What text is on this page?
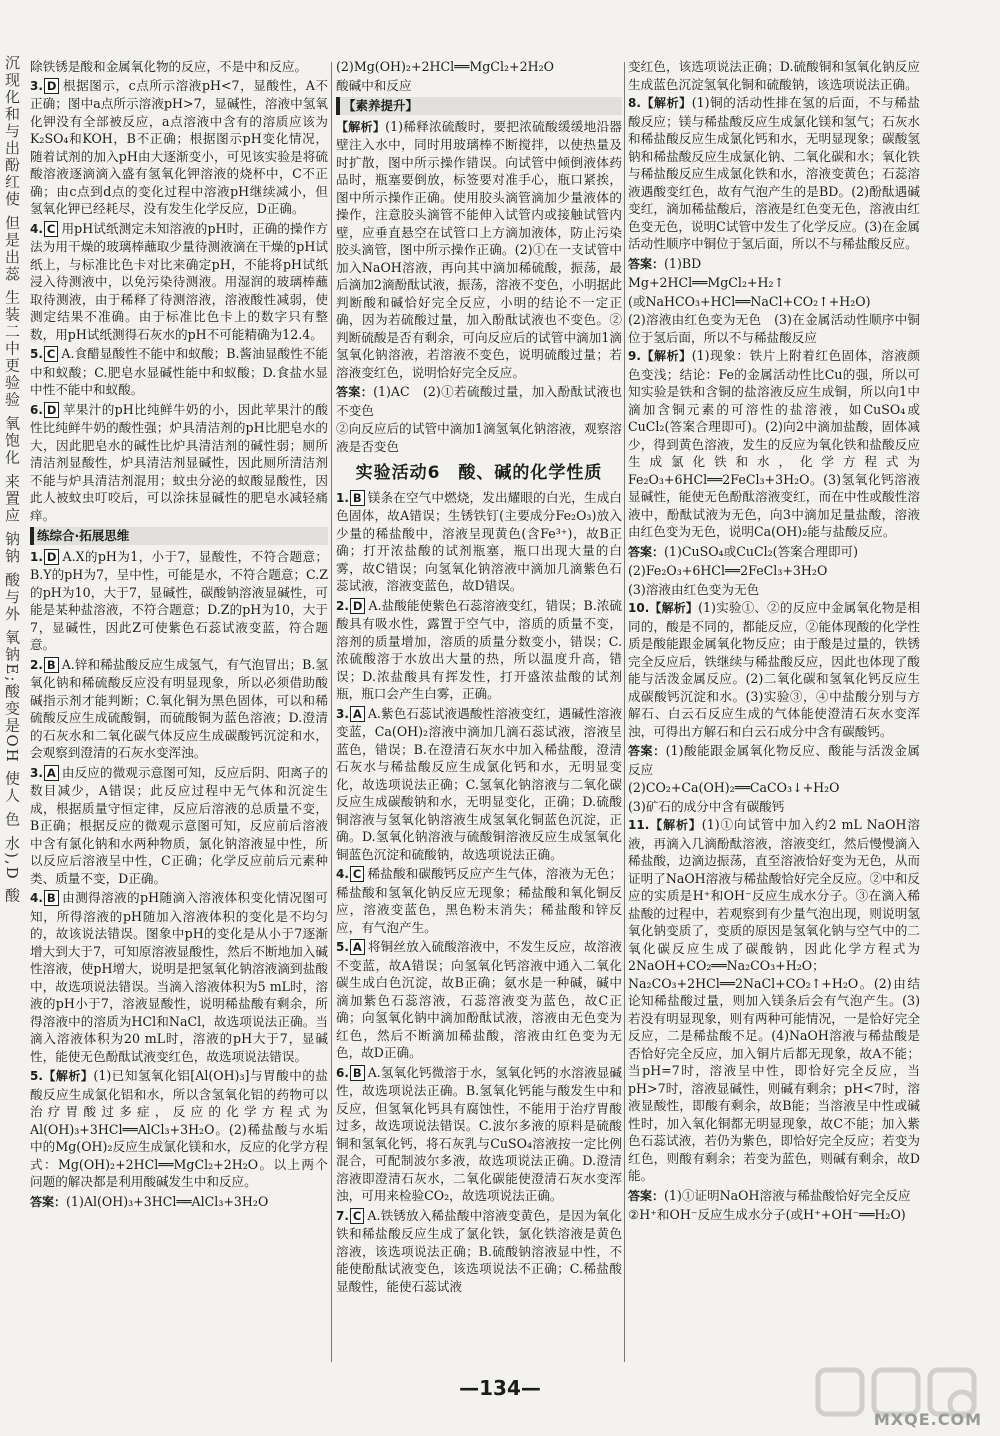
沉现化和与出酚红使 但是出蕊 生装二中更验验 氧饱化 来置应 钠钠 酸与外 氧钠E;酸变是OH 使人 色 水),D 酸 除铁锈是酸和金属氧化物的反应，不是中和反应。
3. D 根据图示，c点所示溶液pH<7，显酸性，A不正确；图中a点所示溶液pH>7，显碱性，溶液中氢氧化钾没有全部被反应，a点溶液中含有的溶质应该为K₂SO₄和KOH，B不正确；根据图示pH变化情况，随着试剂的加入pH由大逐渐变小，可见该实验是将硫酸溶液逐滴滴入盛有氢氧化钾溶液的烧杯中，C不正确；由c点到d点的变化过程中溶液pH继续减小，但氢氧化钾已经耗尽，没有发生化学反应，D正确。
4. C 用pH试纸测定未知溶液的pH时，正确的操作方法为用干燥的玻璃棒蘸取少量待测液滴在干燥的pH试纸上，与标准比色卡对比来确定pH，不能将pH试纸浸入待测液中，以免污染待测液。用湿润的玻璃棒蘸取待测液，由于稀释了待测溶液，溶液酸性减弱，使测定结果不准确。由于标准比色卡上的数字只有整数，用pH试纸测得石灰水的pH不可能精确为12.4。
5. C A.食醋显酸性不能中和蚁酸；B.酱油显酸性不能中和蚁酸；C.肥皂水显碱性能中和蚁酸；D.食盐水显中性不能中和蚁酸。
6. D 苹果汁的pH比纯鲜牛奶的小，因此苹果汁的酸性比纯鲜牛奶的酸性强；炉具清洁剂的pH比肥皂水的大，因此肥皂水的碱性比炉具清洁剂的碱性弱；厕所清洁剂显酸性，炉具清洁剂显碱性，因此厕所清洁剂不能与炉具清洁剂混用；蚊虫分泌的蚁酸显酸性，因此人被蚊虫叮咬后，可以涂抹显碱性的肥皂水减轻痛痒。
练综合·拓展思维
1. D A.X的pH为1，小于7，显酸性，不符合题意；B.Y的pH为7，呈中性，可能是水，不符合题意；C.Z的pH为10，大于7，显碱性，碳酸钠溶液显碱性，可能是某种盐溶液，不符合题意；D.Z的pH为10，大于7，显碱性，因此Z可使紫色石蕊试液变蓝，符合题意。
2. B A.锌和稀盐酸反应生成氢气，有气泡冒出；B.氢氧化钠和稀硫酸反应没有明显现象，所以必须借助酸碱指示剂才能判断；C.氧化铜为黑色固体，可以和稀硫酸反应生成硫酸铜，而硫酸铜为蓝色溶液；D.澄清的石灰水和二氧化碳气体反应生成碳酸钙沉淀和水，会观察到澄清的石灰水变浑浊。
3. A 由反应的微观示意图可知，反应后阴、阳离子的数目减少，A错误；此反应过程中无气体和沉淀生成，根据质量守恒定律，反应后溶液的总质量不变，B正确；根据反应的微观示意图可知，反应前后溶液中含有氯化钠和水两种物质，氯化钠溶液显中性，所以反应后溶液呈中性，C正确；化学反应前后元素种类、质量不变，D正确。
4. B 由测得溶液的pH随滴入溶液体积变化情况图可知，所得溶液的pH随加入溶液体积的变化是不均匀的，故该说法错误。图象中pH的变化是从小于7逐渐增大到大于7，可知原溶液显酸性，然后不断地加入碱性溶液，使pH增大，说明是把氢氧化钠溶液滴到盐酸中，故选项说法错误。当滴入溶液体积为5 mL时，溶液的pH小于7，溶液显酸性，说明稀盐酸有剩余，所得溶液中的溶质为HCl和NaCl，故选项说法正确。当滴入溶液体积为20 mL时，溶液的pH大于7，显碱性，能使无色酚酞试液变红色，故选项说法错误。
5.【解析】(1)已知氢氧化铝[Al(OH)₃]与胃酸中的盐酸反应生成氯化铝和水，所以含氢氧化铝的药物可以治疗胃酸过多症，反应的化学方程式为Al(OH)₃+3HCl══AlCl₃+3H₂O。(2)稀盐酸与水垢中的Mg(OH)₂反应生成氯化镁和水，反应的化学方程式：Mg(OH)₂+2HCl══MgCl₂+2H₂O。以上两个问题的解决都是利用酸碱发生中和反应。
答案：(1)Al(OH)₃+3HCl══AlCl₃+3H₂O
(2)Mg(OH)₂+2HCl══MgCl₂+2H₂O
酸碱中和反应
【素养提升】
【解析】(1)稀释浓硫酸时，要把浓硫酸缓缓地沿器壁注入水中，同时用玻璃棒不断搅拌，以使热量及时扩散，图中所示操作错误。向试管中倾倒液体药品时，瓶塞要倒放，标签要对准手心，瓶口紧挨，图中所示操作正确。使用胶头滴管滴加少量液体的操作，注意胶头滴管不能伸入试管内或接触试管内壁，应垂直悬空在试管口上方滴加液体，防止污染胶头滴管，图中所示操作正确。(2)①在一支试管中加入NaOH溶液，再向其中滴加稀硫酸，振荡，最后滴加2滴酚酞试液，振荡，溶液不变色，小明据此判断酸和碱恰好完全反应，小明的结论不一定正确，因为若硫酸过量，加入酚酞试液也不变色。②判断硫酸是否有剩余，可向反应后的试管中滴加1滴氢氧化钠溶液，若溶液不变色，说明硫酸过量；若溶液变红色，说明恰好完全反应。
答案：(1)AC　(2)①若硫酸过量，加入酚酞试液也不变色
②向反应后的试管中滴加1滴氢氧化钠溶液，观察溶液是否变色
实验活动6　酸、碱的化学性质
1. B 镁条在空气中燃烧，发出耀眼的白光，生成白色固体，故A错误；生锈铁钉(主要成分Fe₂O₃)放入少量的稀盐酸中，溶液呈现黄色(含Fe³⁺)，故B正确；打开浓盐酸的试剂瓶塞，瓶口出现大量的白雾，故C错误；向氢氧化钠溶液中滴加几滴紫色石蕊试液，溶液变蓝色，故D错误。
2. D A.盐酸能使紫色石蕊溶液变红，错误；B.浓硫酸具有吸水性，露置于空气中，溶质的质量不变，溶剂的质量增加，溶质的质量分数变小，错误；C.浓硫酸溶于水放出大量的热，所以温度升高，错误；D.浓盐酸具有挥发性，打开盛浓盐酸的试剂瓶，瓶口会产生白雾，正确。
3. A A.紫色石蕊试液遇酸性溶液变红，遇碱性溶液变蓝，Ca(OH)₂溶液中滴加几滴石蕊试液，溶液呈蓝色，错误；B.在澄清石灰水中加入稀盐酸，澄清石灰水与稀盐酸反应生成氯化钙和水，无明显变化，故选项说法正确；C.氢氧化钠溶液与二氧化碳反应生成碳酸钠和水，无明显变化，正确；D.硫酸铜溶液与氢氧化钠溶液生成氢氧化铜蓝色沉淀，正确。D.氢氧化钠溶液与硫酸铜溶液反应生成氢氧化铜蓝色沉淀和硫酸钠，故选项说法正确。
4. C 稀盐酸和碳酸钙反应产生气体，溶液为无色；稀盐酸和氢氧化钠反应无现象；稀盐酸和氧化铜反应，溶液变蓝色，黑色粉末消失；稀盐酸和锌反应，有气泡产生。
5. A 将铜丝放入硫酸溶液中，不发生反应，故溶液不变蓝，故A错误；向氢氧化钙溶液中通入二氧化碳生成白色沉淀，故B正确；氨水是一种碱，碱中滴加紫色石蕊溶液，石蕊溶液变为蓝色，故C正确；向氢氧化钠中滴加酚酞试液，溶液由无色变为红色，然后不断滴加稀盐酸，溶液由红色变为无色，故D正确。
6. B A.氢氧化钙微溶于水，氢氧化钙的水溶液显碱性，故选项说法正确。B.氢氧化钙能与酸发生中和反应，但氢氧化钙具有腐蚀性，不能用于治疗胃酸过多，故选项说法错误。C.波尔多液的原料是硫酸铜和氢氧化钙，将石灰乳与CuSO₄溶液按一定比例混合，可配制波尔多液，故选项说法正确。D.澄清溶液即澄清石灰水，二氧化碳能使澄清石灰水变浑浊，可用来检验CO₂，故选项说法正确。
7. C A.铁锈放入稀盐酸中溶液变黄色，是因为氧化铁和稀盐酸反应生成了氯化铁，氯化铁溶液是黄色溶液，该选项说法正确；B.硫酸钠溶液显中性，不能使酚酞试液变色，该选项说法不正确；C.稀盐酸显酸性，能使石蕊试液
变红色，该选项说法正确；D.硫酸铜和氢氧化钠反应生成蓝色沉淀氢氧化铜和硫酸钠，该选项说法正确。
8.【解析】(1)铜的活动性排在氢的后面，不与稀盐酸反应；镁与稀盐酸反应生成氯化镁和氢气；石灰水和稀盐酸反应生成氯化钙和水，无明显现象；碳酸氢钠和稀盐酸反应生成氯化钠、二氧化碳和水；氧化铁与稀盐酸反应生成氯化铁和水，溶液变黄色；石蕊溶液遇酸变红色，故有气泡产生的是BD。(2)酚酞遇碱变红，滴加稀盐酸后，溶液是红色变无色，溶液由红色变无色，说明C试管中发生了化学反应。(3)在金属活动性顺序中铜位于氢后面，所以不与稀盐酸反应。
答案：(1)BD
Mg+2HCl══MgCl₂+H₂↑
(或NaHCO₃+HCl══NaCl+CO₂↑+H₂O)
(2)溶液由红色变为无色　(3)在金属活动性顺序中铜位于氢后面，所以不与稀盐酸反应
9.【解析】(1)现象：铁片上附着红色固体，溶液颜色变浅；结论：Fe的金属活动性比Cu的强，所以可知实验是铁和含铜的盐溶液反应生成铜，所以向1中滴加含铜元素的可溶性的盐溶液，如CuSO₄或CuCl₂(答案合理即可)。(2)向2中滴加盐酸，固体减少，得到黄色溶液，发生的反应为氧化铁和盐酸反应生成氯化铁和水，化学方程式为Fe₂O₃+6HCl══2FeCl₃+3H₂O。(3)氢氧化钙溶液显碱性，能使无色酚酞溶液变红，而在中性或酸性溶液中，酚酞试液为无色，向3中滴加足量盐酸，溶液由红色变为无色，说明Ca(OH)₂能与盐酸反应。
答案：(1)CuSO₄或CuCl₂(答案合理即可)
(2)Fe₂O₃+6HCl══2FeCl₃+3H₂O
(3)溶液由红色变为无色
10.【解析】(1)实验①、②的反应中金属氧化物是相同的，酸是不同的，都能反应，②能体现酸的化学性质是酸能跟金属氧化物反应；由于酸是过量的，铁锈完全反应后，铁继续与稀盐酸反应，因此也体现了酸能与活泼金属反应。(2)二氧化碳和氢氧化钙反应生成碳酸钙沉淀和水。(3)实验③，④中盐酸分别与方解石、白云石反应生成的气体能使澄清石灰水变浑浊，可得出方解石和白云石成分中含有碳酸钙。
答案：(1)酸能跟金属氧化物反应、酸能与活泼金属反应
(2)CO₂+Ca(OH)₂══CaCO₃↓+H₂O
(3)矿石的成分中含有碳酸钙
11.【解析】(1)①向试管中加入约2 mL NaOH溶液，再滴入几滴酚酞溶液，溶液变红，然后慢慢滴入稀盐酸，边滴边振荡，直至溶液恰好变为无色，从而证明了NaOH溶液与稀盐酸恰好完全反应。②中和反应的实质是H⁺和OH⁻反应生成水分子。③在滴入稀盐酸的过程中，若观察到有少量气泡出现，则说明氢氧化钠变质了，变质的原因是氢氧化钠与空气中的二氧化碳反应生成了碳酸钠，因此化学方程式为2NaOH+CO₂══Na₂CO₃+H₂O；Na₂CO₃+2HCl══2NaCl+CO₂↑+H₂O。(2)由结论知稀盐酸过量，则加入镁条后会有气泡产生。(3)若没有明显现象，则有两种可能情况，一是恰好完全反应，二是稀盐酸不足。(4)NaOH溶液与稀盐酸是否恰好完全反应，加入铜片后都无现象，故A不能；当pH=7时，溶液呈中性，即恰好完全反应，当pH>7时，溶液显碱性，则碱有剩余；pH<7时，溶液显酸性，即酸有剩余，故B能；当溶液呈中性或碱性时，加入氧化铜都无明显现象，故C不能；加入紫色石蕊试液，若仍为紫色，即恰好完全反应；若变为红色，则酸有剩余；若变为蓝色，则碱有剩余，故D能。
答案：(1)①证明NaOH溶液与稀盐酸恰好完全反应
②H⁺和OH⁻反应生成水分子(或H⁺+OH⁻══H₂O)
—134—
MXQE.COM
